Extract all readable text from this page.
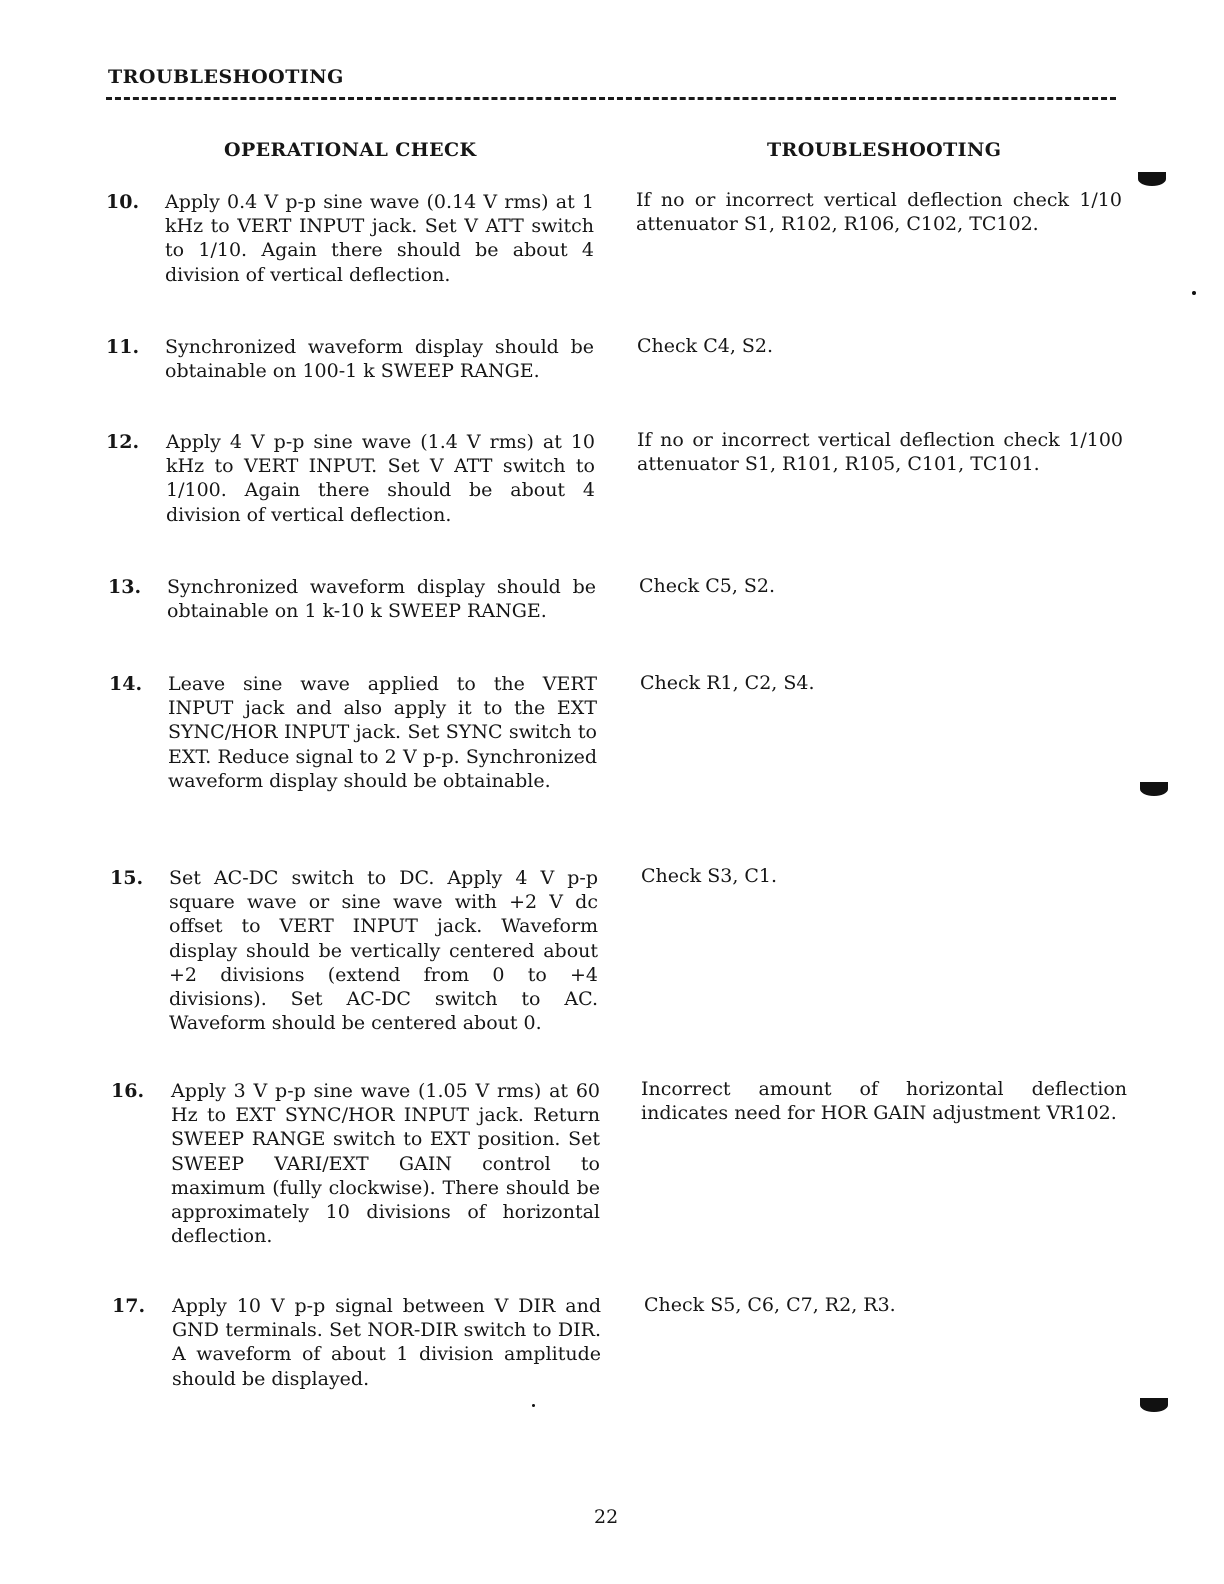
TROUBLESHOOTING
OPERATIONAL CHECK	TROUBLESHOOTING
10. Apply 0.4 V p-p sine wave (0.14 V rms) at 1 kHz to VERT INPUT jack. Set V ATT switch to 1/10. Again there should be about 4 division of vertical deflection.
If no or incorrect vertical deflection check 1/10 attenuator S1, R102, R106, C102, TC102.
11. Synchronized waveform display should be obtainable on 100-1 k SWEEP RANGE.
Check C4, S2.
12. Apply 4 V p-p sine wave (1.4 V rms) at 10 kHz to VERT INPUT. Set V ATT switch to 1/100. Again there should be about 4 division of vertical deflection.
If no or incorrect vertical deflection check 1/100 attenuator S1, R101, R105, C101, TC101.
13. Synchronized waveform display should be obtainable on 1 k-10 k SWEEP RANGE.
Check C5, S2.
14. Leave sine wave applied to the VERT INPUT jack and also apply it to the EXT SYNC/HOR INPUT jack. Set SYNC switch to EXT. Reduce signal to 2 V p-p. Synchronized waveform display should be obtainable.
Check R1, C2, S4.
15. Set AC-DC switch to DC. Apply 4 V p-p square wave or sine wave with +2 V dc offset to VERT INPUT jack. Waveform display should be vertically centered about +2 divisions (extend from 0 to +4 divisions). Set AC-DC switch to AC. Waveform should be centered about 0.
Check S3, C1.
16. Apply 3 V p-p sine wave (1.05 V rms) at 60 Hz to EXT SYNC/HOR INPUT jack. Return SWEEP RANGE switch to EXT position. Set SWEEP VARI/EXT GAIN control to maximum (fully clockwise). There should be approximately 10 divisions of horizontal deflection.
Incorrect amount of horizontal deflection indicates need for HOR GAIN adjustment VR102.
17. Apply 10 V p-p signal between V DIR and GND terminals. Set NOR-DIR switch to DIR. A waveform of about 1 division amplitude should be displayed.
Check S5, C6, C7, R2, R3.
22
